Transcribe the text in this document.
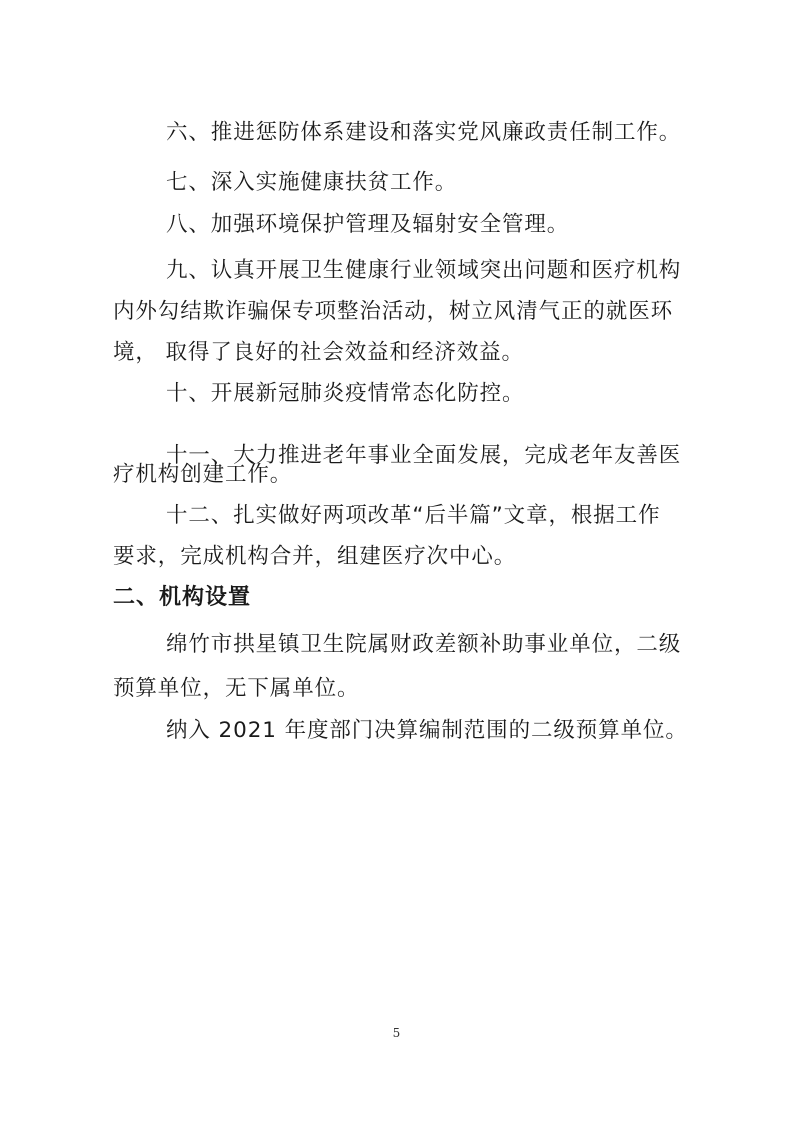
六、推进惩防体系建设和落实党风廉政责任制工作。

七、深入实施健康扶贫工作。

八、加强环境保护管理及辐射安全管理。

九、认真开展卫生健康行业领域突出问题和医疗机构

内外勾结欺诈骗保专项整治活动，树立风清气正的就医环

境， 取得了良好的社会效益和经济效益。

十、开展新冠肺炎疫情常态化防控。

十一、大力推进老年事业全面发展，完成老年友善医

疗机构创建工作。

十二、扎实做好两项改革“后半篇”文章，根据工作

要求，完成机构合并，组建医疗次中心。

二、机构设置

绵竹市拱星镇卫生院属财政差额补助事业单位，二级

预算单位，无下属单位。

纳入 2021 年度部门决算编制范围的二级预算单位。

5
